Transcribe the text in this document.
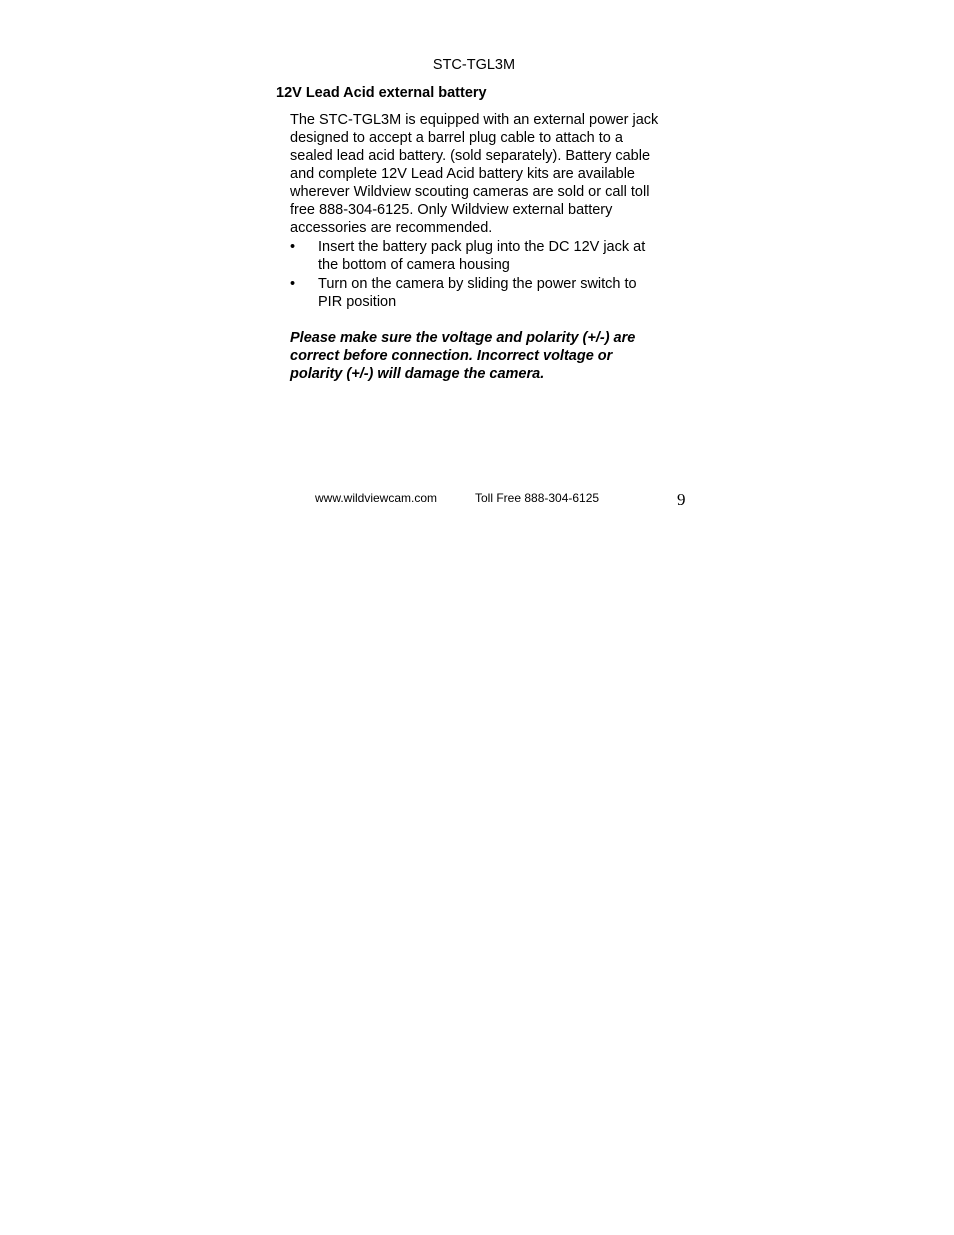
STC-TGL3M
12V Lead Acid external battery

The STC-TGL3M is equipped with an external power jack
designed to accept a barrel plug cable to attach to a
sealed lead acid battery. (sold separately). Battery cable
and complete 12V Lead Acid battery kits are available
wherever Wildview scouting cameras are sold or call toll
free 888-304-6125. Only Wildview external battery
accessories are recommended.

•	Insert the battery pack plug into the DC 12V jack at
the bottom of camera housing
•	Turn on the camera by sliding the power switch to
PIR position

Please make sure the voltage and polarity (+/-) are
correct before connection. Incorrect voltage or
polarity (+/-) will damage the camera.

www.wildviewcam.com	Toll Free 888-304-6125	9
